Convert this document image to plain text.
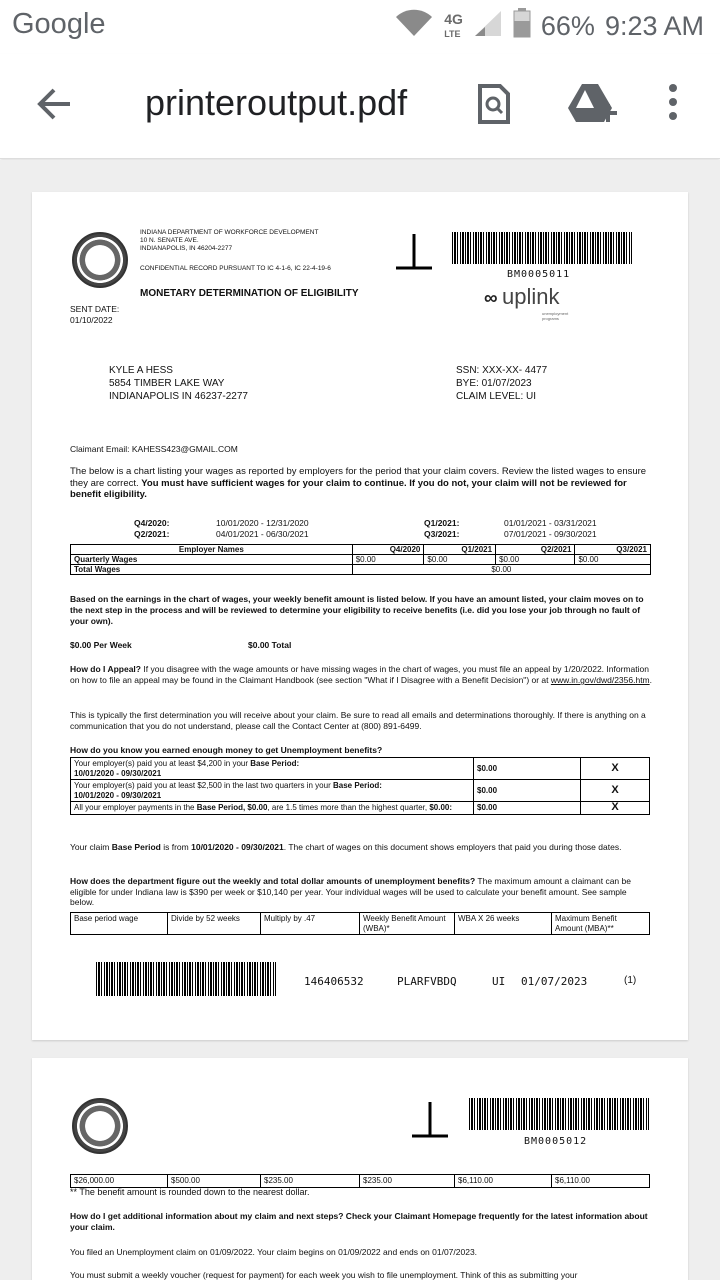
Google	4G
LTE	66% 9:23 AM
printeroutput.pdf
INDIANA DEPARTMENT OF WORKFORCE DEVELOPMENT
10 N. SENATE AVE.
INDIANAPOLIS, IN 46204-2277
CONFIDENTIAL RECORD PURSUANT TO IC 4-1-6, IC 22-4-19-6
MONETARY DETERMINATION OF ELIGIBILITY
BM0005011
∞ uplink
unemployment programs
SENT DATE:
01/10/2022
KYLE A HESS
5854 TIMBER LAKE WAY
INDIANAPOLIS IN 46237-2277
SSN: XXX-XX- 4477
BYE: 01/07/2023
CLAIM LEVEL: UI
Claimant Email: KAHESS423@GMAIL.COM
The below is a chart listing your wages as reported by employers for the period that your claim covers. Review the listed wages to ensure they are correct. You must have sufficient wages for your claim to continue. If you do not, your claim will not be reviewed for benefit eligibility.
Q4/2020:	10/01/2020 - 12/31/2020	Q1/2021:	01/01/2021 - 03/31/2021
Q2/2021:	04/01/2021 - 06/30/2021	Q3/2021:	07/01/2021 - 09/30/2021
Employer Names	Q4/2020	Q1/2021	Q2/2021	Q3/2021
Quarterly Wages	$0.00	$0.00	$0.00	$0.00
Total Wages	$0.00			
Based on the earnings in the chart of wages, your weekly benefit amount is listed below. If you have an amount listed, your claim moves on to the next step in the process and will be reviewed to determine your eligibility to receive benefits (i.e. did you lose your job through no fault of your own).
$0.00 Per Week	$0.00 Total
How do I Appeal? If you disagree with the wage amounts or have missing wages in the chart of wages, you must file an appeal by 1/20/2022. Information on how to file an appeal may be found in the Claimant Handbook (see section "What if I Disagree with a Benefit Decision") or at www.in.gov/dwd/2356.htm.
This is typically the first determination you will receive about your claim. Be sure to read all emails and determinations thoroughly. If there is anything on a communication that you do not understand, please call the Contact Center at (800) 891-6499.
How do you know you earned enough money to get Unemployment benefits?
Your employer(s) paid you at least $4,200 in your Base Period:
10/01/2020 - 09/30/2021	$0.00	X
Your employer(s) paid you at least $2,500 in the last two quarters in your Base Period:
10/01/2020 - 09/30/2021	$0.00	X
All your employer payments in the Base Period, $0.00, are 1.5 times more than the highest quarter, $0.00:	$0.00	X
Your claim Base Period is from 10/01/2020 - 09/30/2021. The chart of wages on this document shows employers that paid you during those dates.
How does the department figure out the weekly and total dollar amounts of unemployment benefits? The maximum amount a claimant can be eligible for under Indiana law is $390 per week or $10,140 per year. Your individual wages will be used to calculate your benefit amount. See sample below.
Base period wage	Divide by 52 weeks	Multiply by .47	Weekly Benefit Amount (WBA)*	WBA X 26 weeks	Maximum Benefit Amount (MBA)**
146406532	PLARFVBDQ	UI 01/07/2023	(1)
BM0005012
$26,000.00	$500.00	$235.00	$235.00	$6,110.00	$6,110.00
** The benefit amount is rounded down to the nearest dollar.
How do I get additional information about my claim and next steps? Check your Claimant Homepage frequently for the latest information about your claim.
You filed an Unemployment claim on 01/09/2022. Your claim begins on 01/09/2022 and ends on 01/07/2023.
You must submit a weekly voucher (request for payment) for each week you wish to file unemployment. Think of this as submitting your
